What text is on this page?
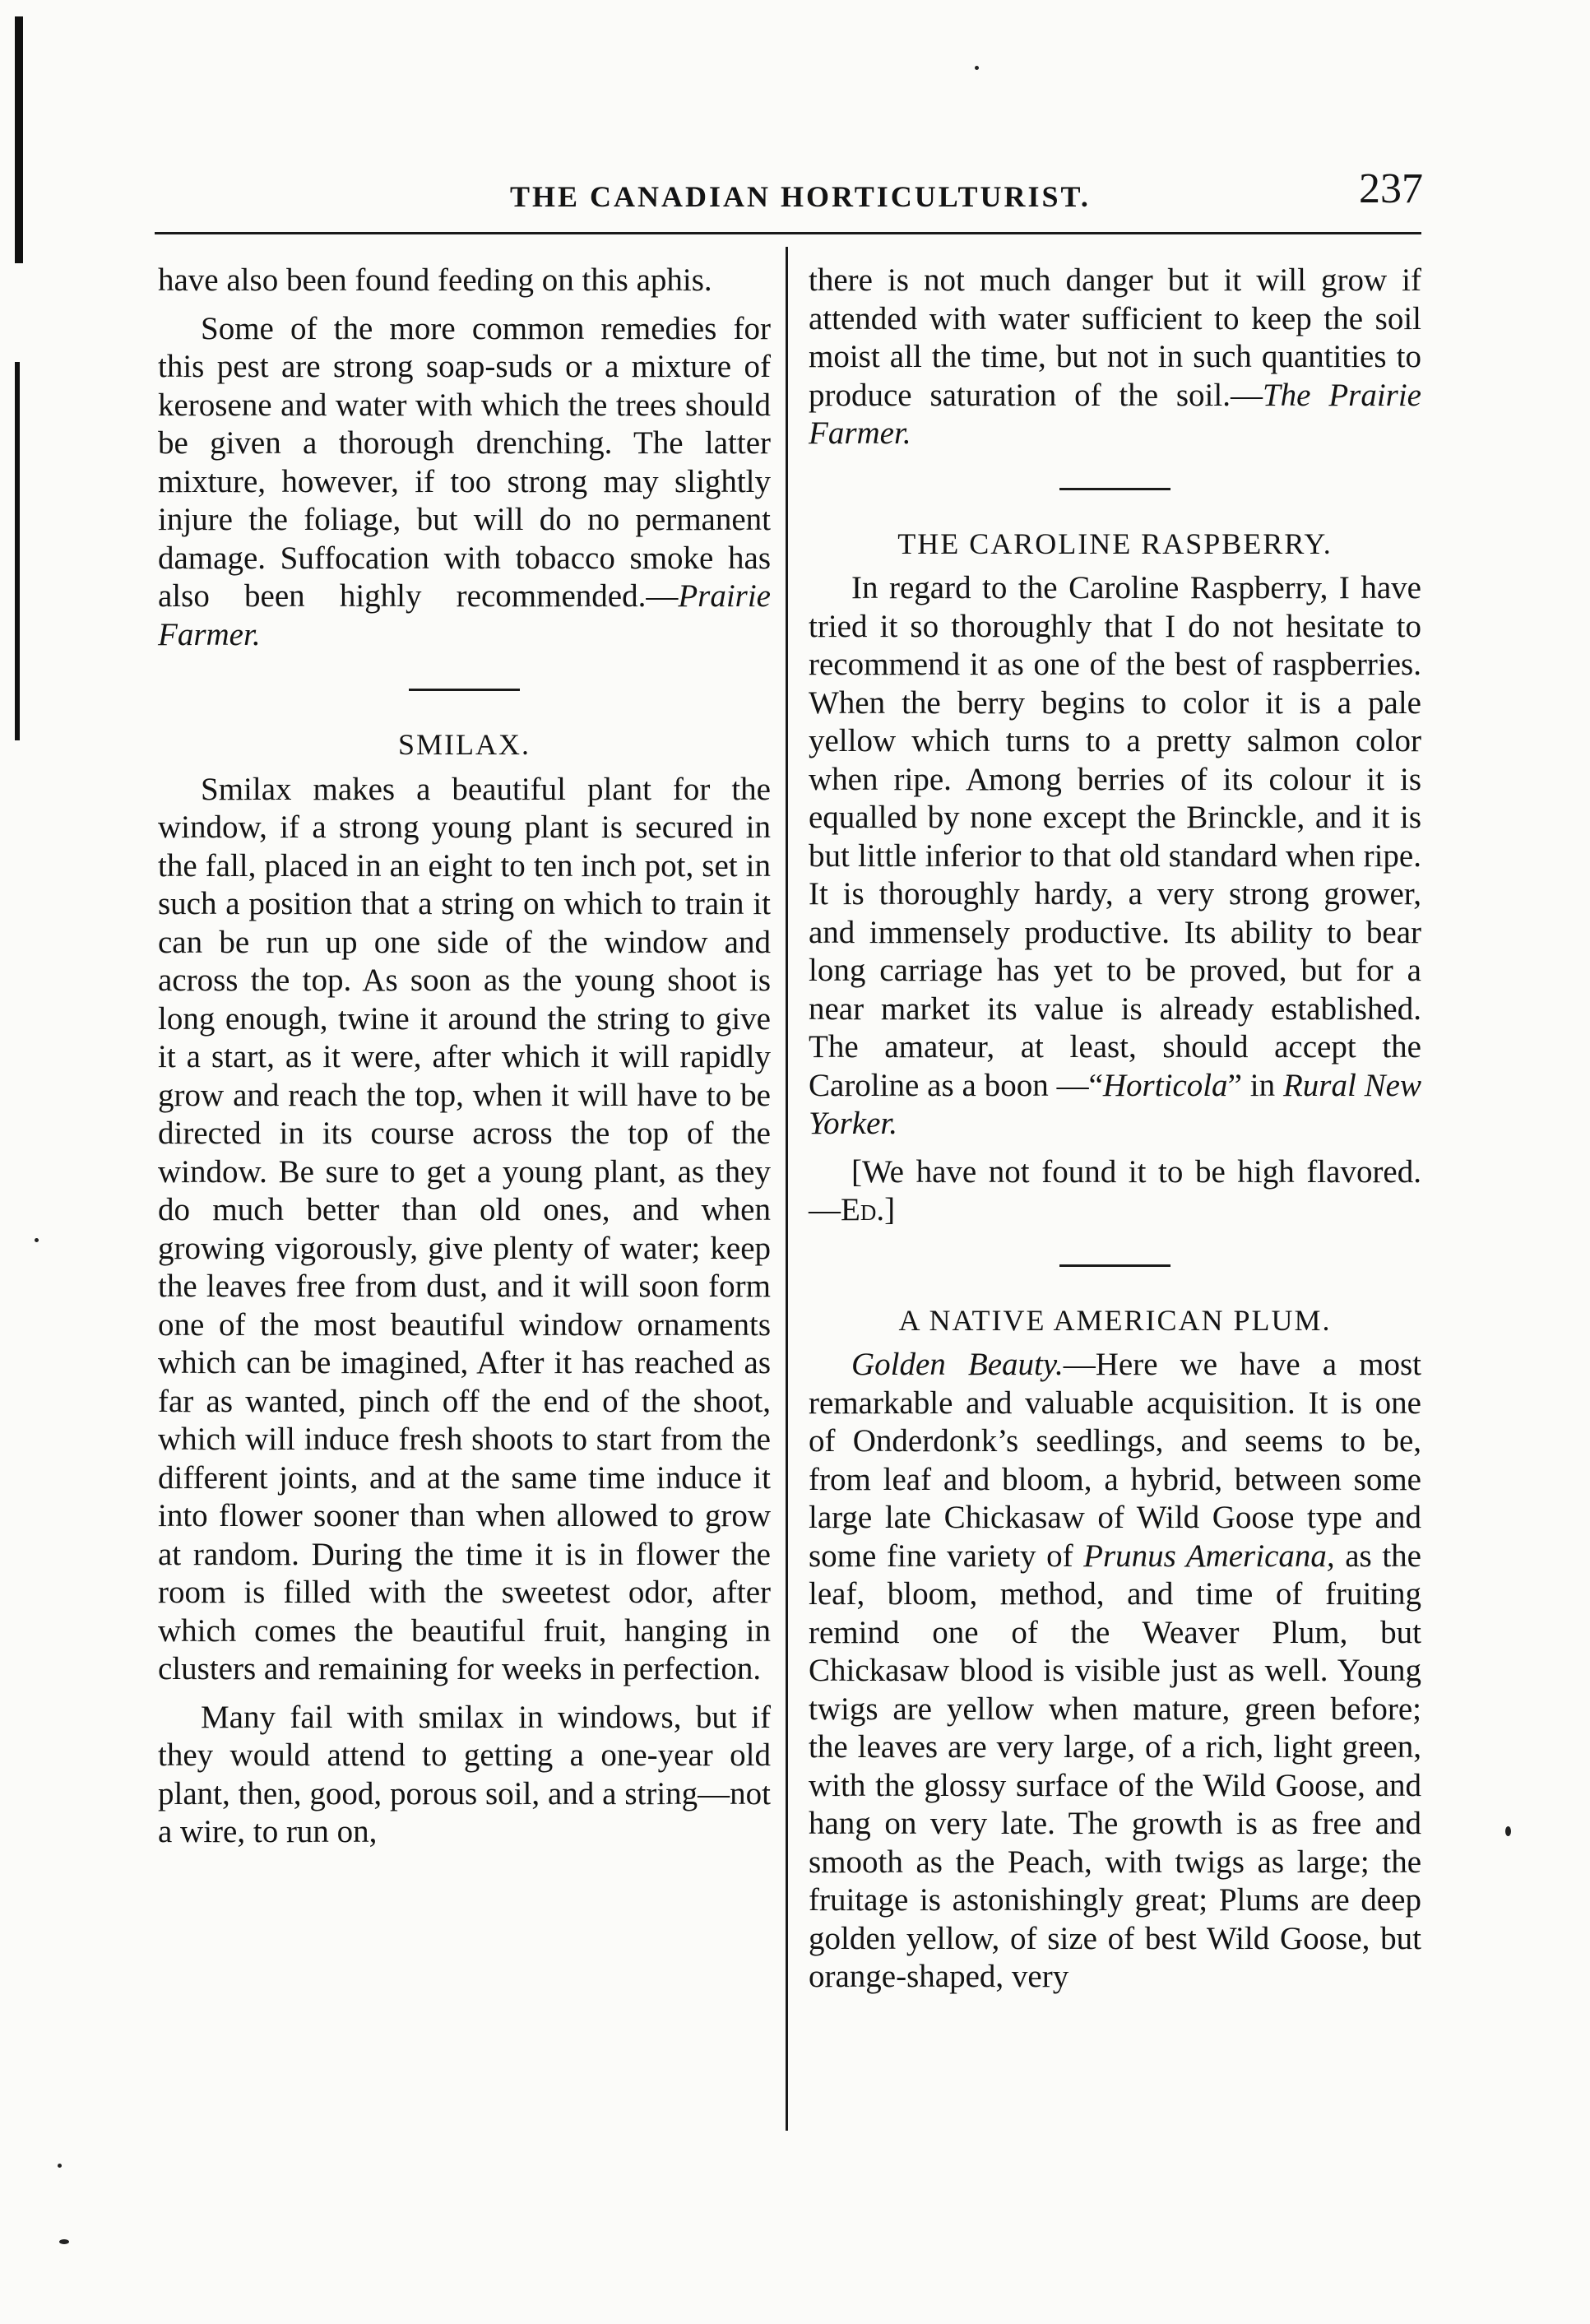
THE CANADIAN HORTICULTURIST.	237

have also been found feeding on this aphis.

Some of the more common remedies for this pest are strong soap-suds or a mixture of kerosene and water with which the trees should be given a thorough drenching. The latter mixture, however, if too strong may slightly injure the foliage, but will do no permanent damage. Suffocation with tobacco smoke has also been highly recommended.—Prairie Farmer.

SMILAX.

Smilax makes a beautiful plant for the window, if a strong young plant is secured in the fall, placed in an eight to ten inch pot, set in such a position that a string on which to train it can be run up one side of the window and across the top. As soon as the young shoot is long enough, twine it around the string to give it a start, as it were, after which it will rapidly grow and reach the top, when it will have to be directed in its course across the top of the window. Be sure to get a young plant, as they do much better than old ones, and when growing vigorously, give plenty of water; keep the leaves free from dust, and it will soon form one of the most beautiful window ornaments which can be imagined, After it has reached as far as wanted, pinch off the end of the shoot, which will induce fresh shoots to start from the different joints, and at the same time induce it into flower sooner than when allowed to grow at random. During the time it is in flower the room is filled with the sweetest odor, after which comes the beautiful fruit, hanging in clusters and remaining for weeks in perfection.

Many fail with smilax in windows, but if they would attend to getting a one-year old plant, then, good, porous soil, and a string—not a wire, to run on,

there is not much danger but it will grow if attended with water sufficient to keep the soil moist all the time, but not in such quantities to produce saturation of the soil.—The Prairie Farmer.

THE CAROLINE RASPBERRY.

In regard to the Caroline Raspberry, I have tried it so thoroughly that I do not hesitate to recommend it as one of the best of raspberries. When the berry begins to color it is a pale yellow which turns to a pretty salmon color when ripe. Among berries of its colour it is equalled by none except the Brinckle, and it is but little inferior to that old standard when ripe. It is thoroughly hardy, a very strong grower, and immensely productive. Its ability to bear long carriage has yet to be proved, but for a near market its value is already established. The amateur, at least, should accept the Caroline as a boon —“Horticola” in Rural New Yorker.

[We have not found it to be high flavored.—Ed.]

A NATIVE AMERICAN PLUM.

Golden Beauty.—Here we have a most remarkable and valuable acquisition. It is one of Onderdonk’s seedlings, and seems to be, from leaf and bloom, a hybrid, between some large late Chickasaw of Wild Goose type and some fine variety of Prunus Americana, as the leaf, bloom, method, and time of fruiting remind one of the Weaver Plum, but Chickasaw blood is visible just as well. Young twigs are yellow when mature, green before; the leaves are very large, of a rich, light green, with the glossy surface of the Wild Goose, and hang on very late. The growth is as free and smooth as the Peach, with twigs as large; the fruitage is astonishingly great; Plums are deep golden yellow, of size of best Wild Goose, but orange-shaped, very
